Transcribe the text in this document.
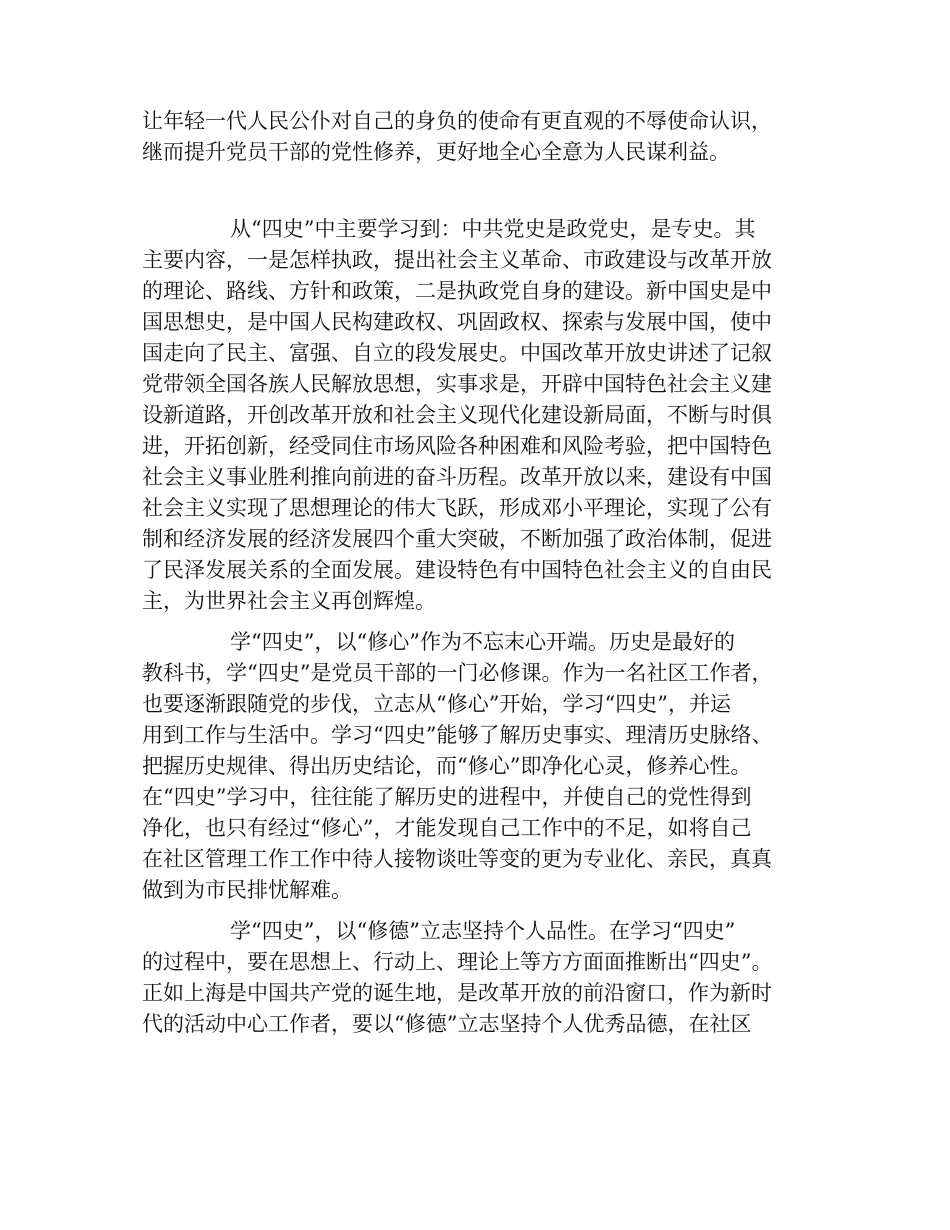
让年轻一代人民公仆对自己的身负的使命有更直观的不辱使命认识，
继而提升党员干部的党性修养，更好地全心全意为人民谋利益。
从“四史”中主要学习到：中共党史是政党史，是专史。其
主要内容，一是怎样执政，提出社会主义革命、市政建设与改革开放
的理论、路线、方针和政策，二是执政党自身的建设。新中国史是中
国思想史，是中国人民构建政权、巩固政权、探索与发展中国，使中
国走向了民主、富强、自立的段发展史。中国改革开放史讲述了记叙
党带领全国各族人民解放思想，实事求是，开辟中国特色社会主义建
设新道路，开创改革开放和社会主义现代化建设新局面，不断与时俱
进，开拓创新，经受同住市场风险各种困难和风险考验，把中国特色
社会主义事业胜利推向前进的奋斗历程。改革开放以来，建设有中国
社会主义实现了思想理论的伟大飞跃，形成邓小平理论，实现了公有
制和经济发展的经济发展四个重大突破，不断加强了政治体制，促进
了民泽发展关系的全面发展。建设特色有中国特色社会主义的自由民
主，为世界社会主义再创辉煌。
学“四史”，以“修心”作为不忘末心开端。历史是最好的
教科书，学“四史”是党员干部的一门必修课。作为一名社区工作者，
也要逐渐跟随党的步伐，立志从“修心”开始，学习“四史”，并运
用到工作与生活中。学习“四史”能够了解历史事实、理清历史脉络、
把握历史规律、得出历史结论，而“修心”即净化心灵，修养心性。
在“四史”学习中，往往能了解历史的进程中，并使自己的党性得到
净化，也只有经过“修心”，才能发现自己工作中的不足，如将自己
在社区管理工作工作中待人接物谈吐等变的更为专业化、亲民，真真
做到为市民排忧解难。
学“四史”，以“修德”立志坚持个人品性。在学习“四史”
的过程中，要在思想上、行动上、理论上等方方面面推断出“四史”。
正如上海是中国共产党的诞生地，是改革开放的前沿窗口，作为新时
代的活动中心工作者，要以“修德”立志坚持个人优秀品德，在社区
